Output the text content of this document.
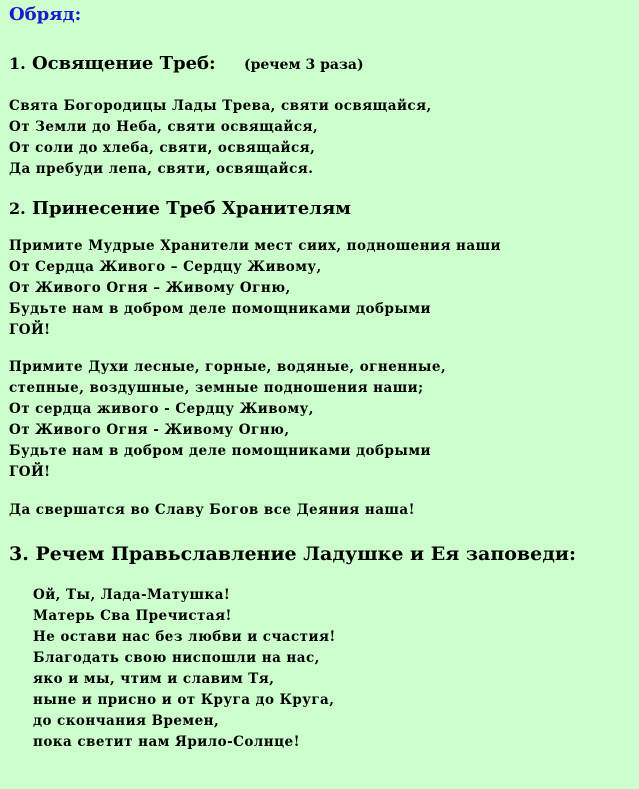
Обряд:
1. Освящение Треб: (речем 3 раза)
Свята Богородицы Лады Трева, святи освящайся,
От Земли до Неба, святи освящайся,
От соли до хлеба, святи, освящайся,
Да пребуди лепа, святи, освящайся.
2. Принесение Треб Хранителям
Примите Мудрые Хранители мест сиих, подношения наши
От Сердца Живого – Сердцу Живому,
От Живого Огня – Живому Огню,
Будьте нам в добром деле помощниками добрыми
ГОЙ!
Примите Духи лесные, горные, водяные, огненные,
степные, воздушные, земные подношения наши;
От сердца живого - Сердцу Живому,
От Живого Огня - Живому Огню,
Будьте нам в добром деле помощниками добрыми
ГОЙ!
Да свершатся во Славу Богов все Деяния наша!
3. Речем Правьславление Ладушке и Ея заповеди:
Ой, Ты, Лада-Матушка!
Матерь Сва Пречистая!
Не остави нас без любви и счастия!
Благодать свою ниспошли на нас,
яко и мы, чтим и славим Тя,
ныне и присно и от Круга до Круга,
до скончания Времен,
пока светит нам Ярило-Солнце!
